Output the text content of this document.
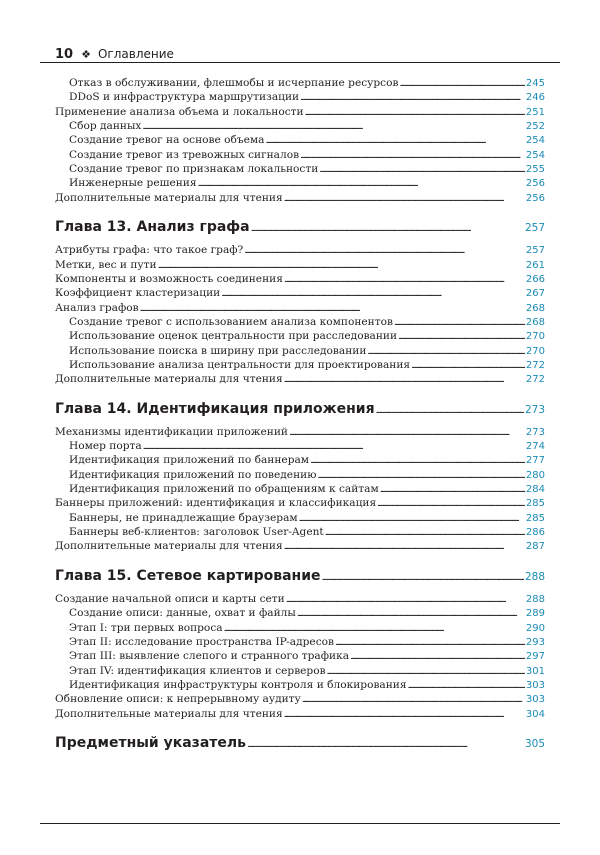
10 ❖ Оглавление
Отказ в обслуживании, флешмобы и исчерпание ресурсов . . .	245
DDoS и инфраструктура маршрутизации . . .	246
Применение анализа объема и локальности . . .	251
Сбор данных . . .	252
Создание тревог на основе объема . . .	254
Создание тревог из тревожных сигналов . . .	254
Создание тревог по признакам локальности . . .	255
Инженерные решения . . .	256
Дополнительные материалы для чтения . . .	256
Глава 13. Анализ графа . . .	257
Атрибуты графа: что такое граф? . . .	257
Метки, вес и пути . . .	261
Компоненты и возможность соединения . . .	266
Коэффициент кластеризации . . .	267
Анализ графов . . .	268
Создание тревог с использованием анализа компонентов . . .	268
Использование оценок центральности при расследовании . . .	270
Использование поиска в ширину при расследовании . . .	270
Использование анализа центральности для проектирования . . .	272
Дополнительные материалы для чтения . . .	272
Глава 14. Идентификация приложения . . .	273
Механизмы идентификации приложений . . .	273
Номер порта . . .	274
Идентификация приложений по баннерам . . .	277
Идентификация приложений по поведению . . .	280
Идентификация приложений по обращениям к сайтам . . .	284
Баннеры приложений: идентификация и классификация . . .	285
Баннеры, не принадлежащие браузерам . . .	285
Баннеры веб-клиентов: заголовок User-Agent . . .	286
Дополнительные материалы для чтения . . .	287
Глава 15. Сетевое картирование . . .	288
Создание начальной описи и карты сети . . .	288
Создание описи: данные, охват и файлы . . .	289
Этап I: три первых вопроса . . .	290
Этап II: исследование пространства IP-адресов . . .	293
Этап III: выявление слепого и странного трафика . . .	297
Этап IV: идентификация клиентов и серверов . . .	301
Идентификация инфраструктуры контроля и блокирования . . .	303
Обновление описи: к непрерывному аудиту . . .	303
Дополнительные материалы для чтения . . .	304
Предметный указатель . . .	305
